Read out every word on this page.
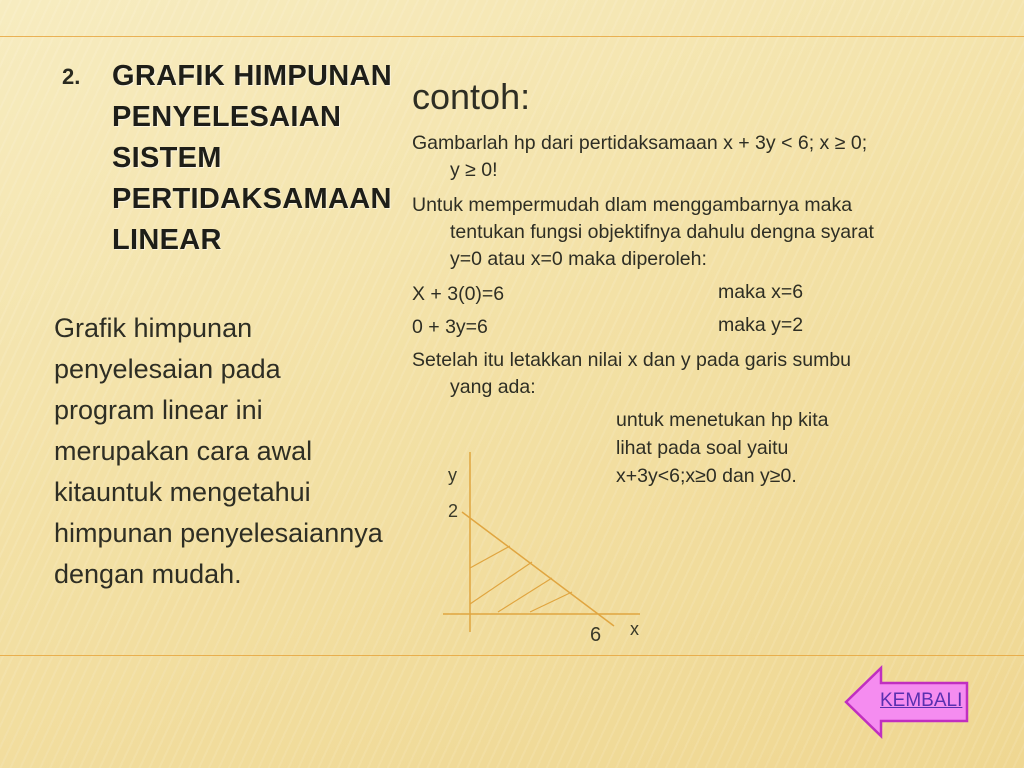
2. GRAFIK HIMPUNAN PENYELESAIAN SISTEM PERTIDAKSAMAAN LINEAR
Grafik himpunan penyelesaian pada program linear ini merupakan cara awal kitauntuk mengetahui himpunan penyelesaiannya dengan mudah.
contoh:
Gambarlah hp dari pertidaksamaan x + 3y < 6; x ≥ 0;
y ≥ 0!
Untuk mempermudah dlam menggambarnya maka
tentukan fungsi objektifnya dahulu dengna syarat
y=0 atau x=0 maka diperoleh:
X + 3(0)=6	maka x=6
0 + 3y=6	maka y=2
Setelah itu letakkan nilai x dan y pada garis sumbu
yang ada:
untuk menetukan hp kita
lihat pada soal yaitu
x+3y<6;x≥0 dan y≥0.
y
2
6 x
KEMBALI
